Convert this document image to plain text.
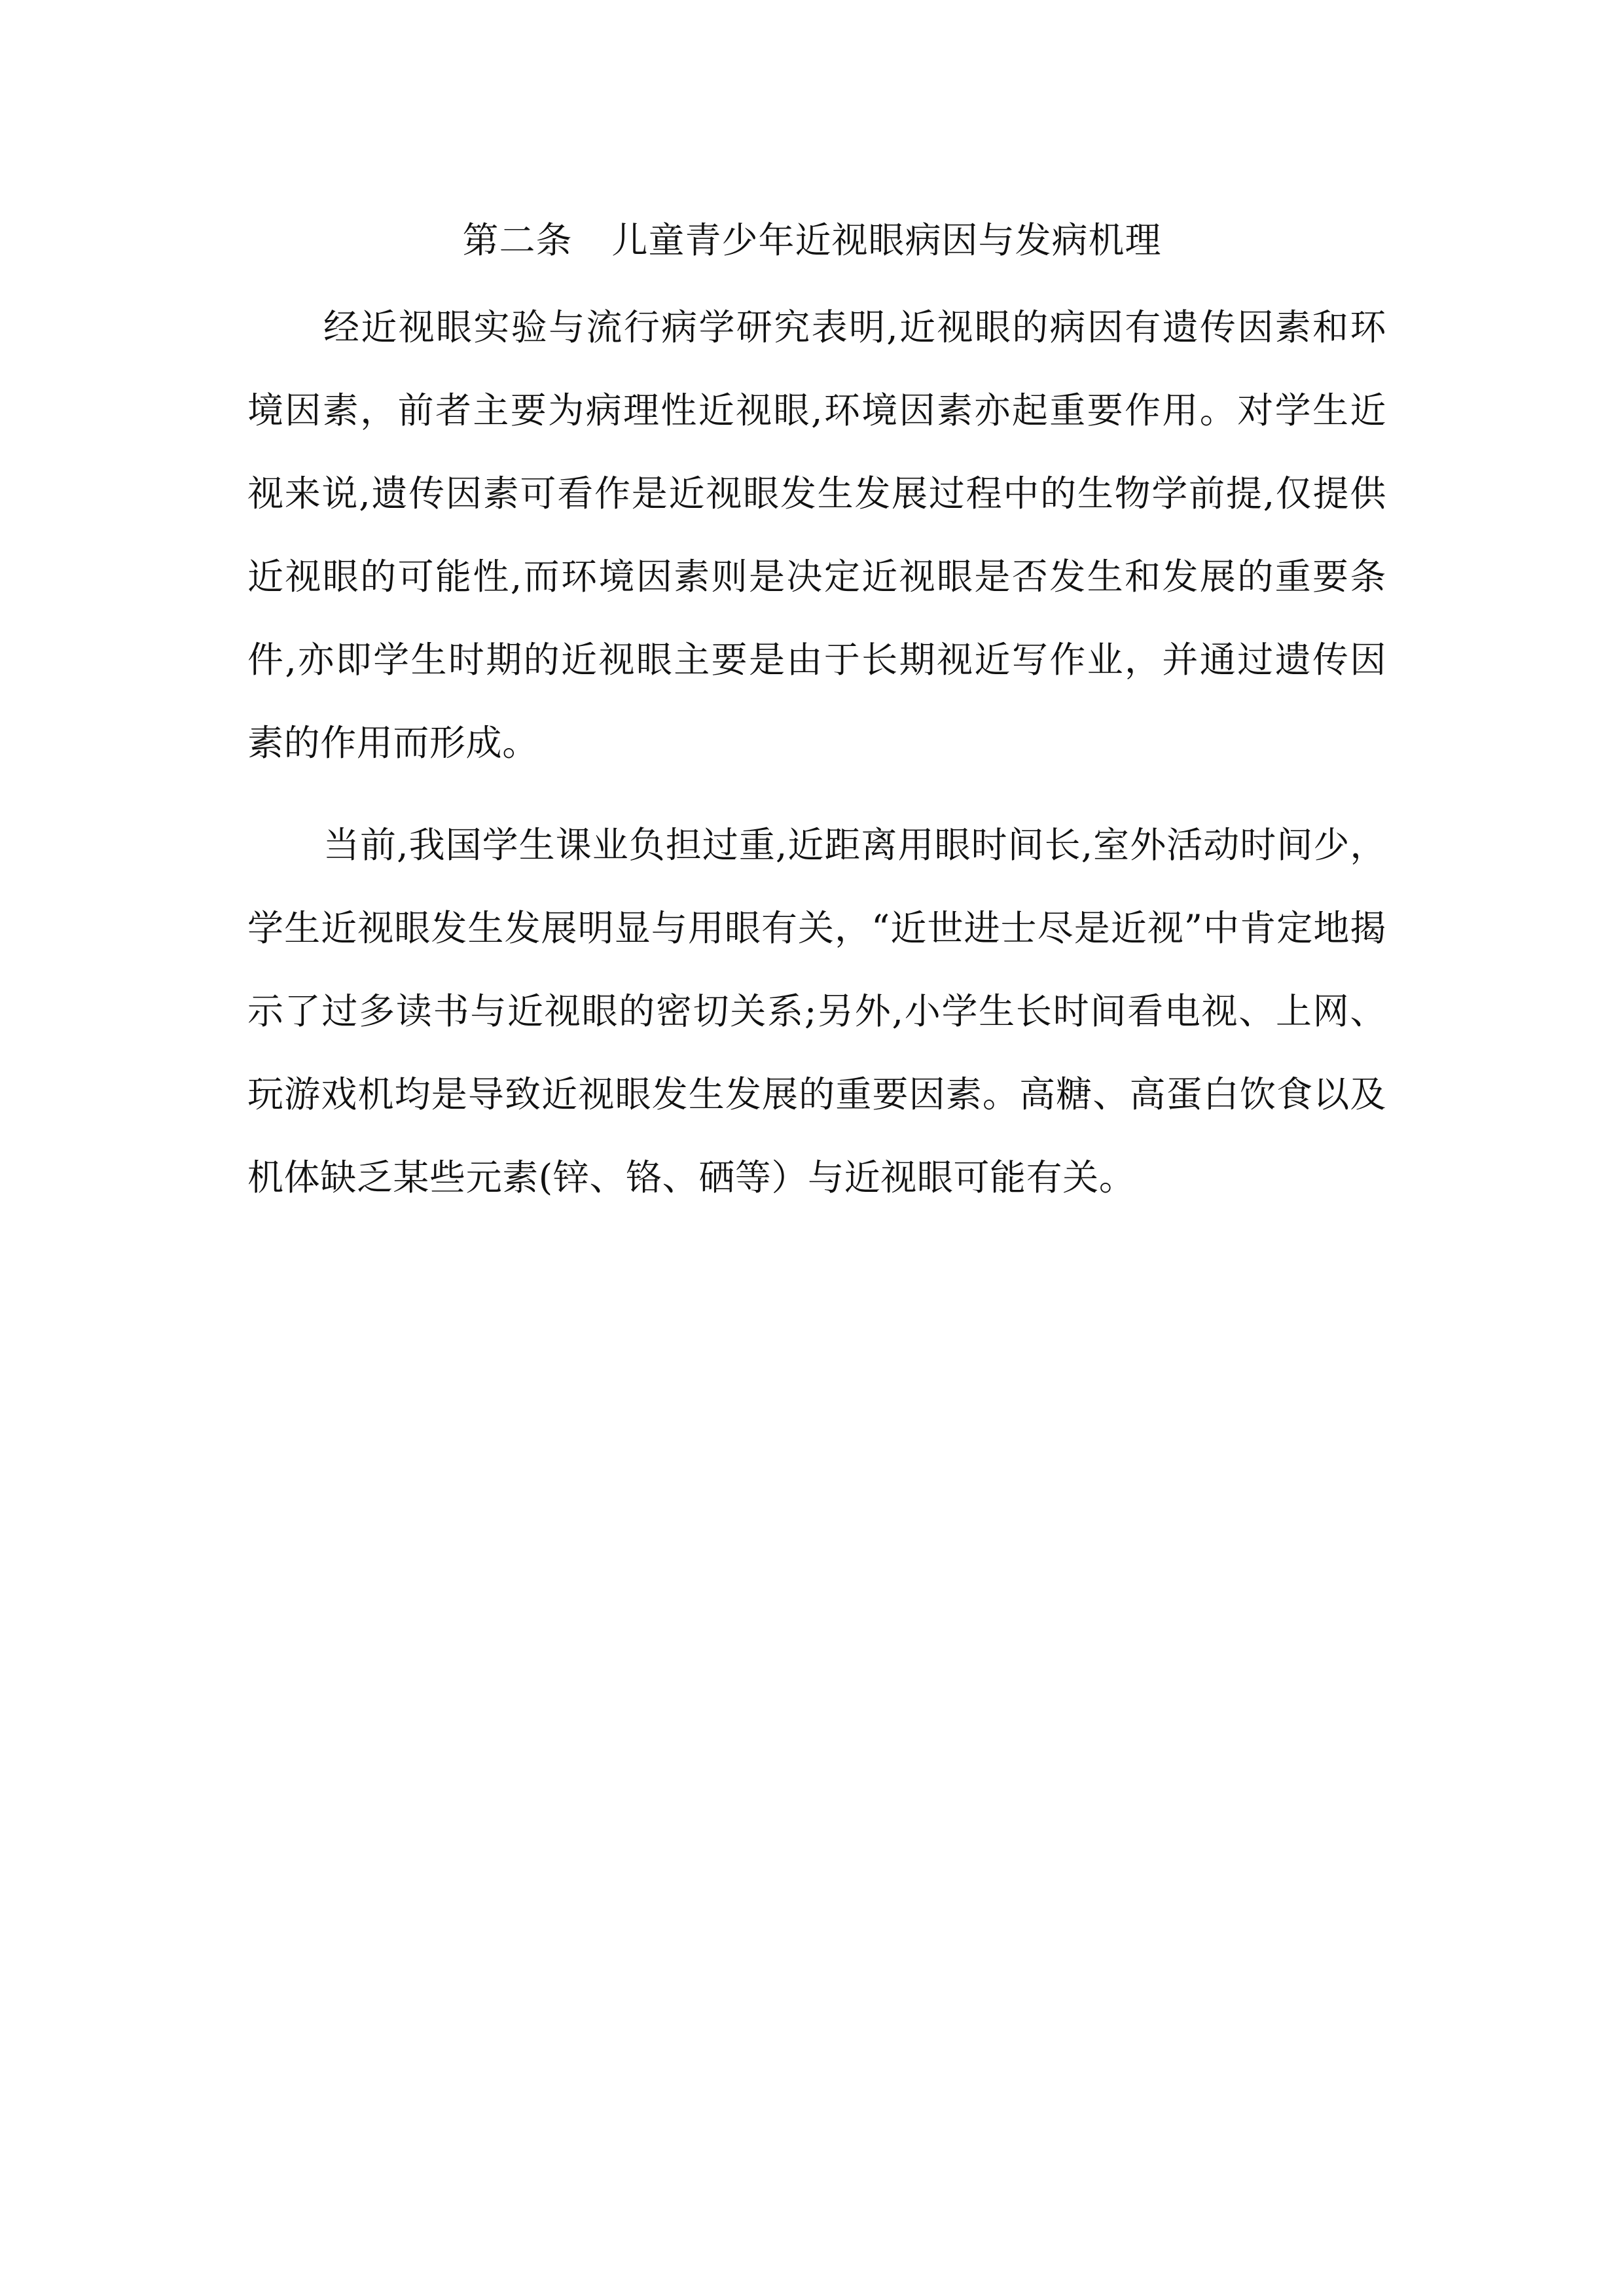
第二条 儿童青少年近视眼病因与发病机理

经近视眼实验与流行病学研究表明,近视眼的病因有遗传因素和环境因素，前者主要为病理性近视眼,环境因素亦起重要作用。对学生近视来说,遗传因素可看作是近视眼发生发展过程中的生物学前提,仅提供近视眼的可能性,而环境因素则是决定近视眼是否发生和发展的重要条件,亦即学生时期的近视眼主要是由于长期视近写作业，并通过遗传因素的作用而形成。

当前,我国学生课业负担过重,近距离用眼时间长,室外活动时间少，学生近视眼发生发展明显与用眼有关，“近世进士尽是近视”中肯定地揭示了过多读书与近视眼的密切关系;另外,小学生长时间看电视、上网、玩游戏机均是导致近视眼发生发展的重要因素。高糖、高蛋白饮食以及机体缺乏某些元素(锌、铬、硒等）与近视眼可能有关。
